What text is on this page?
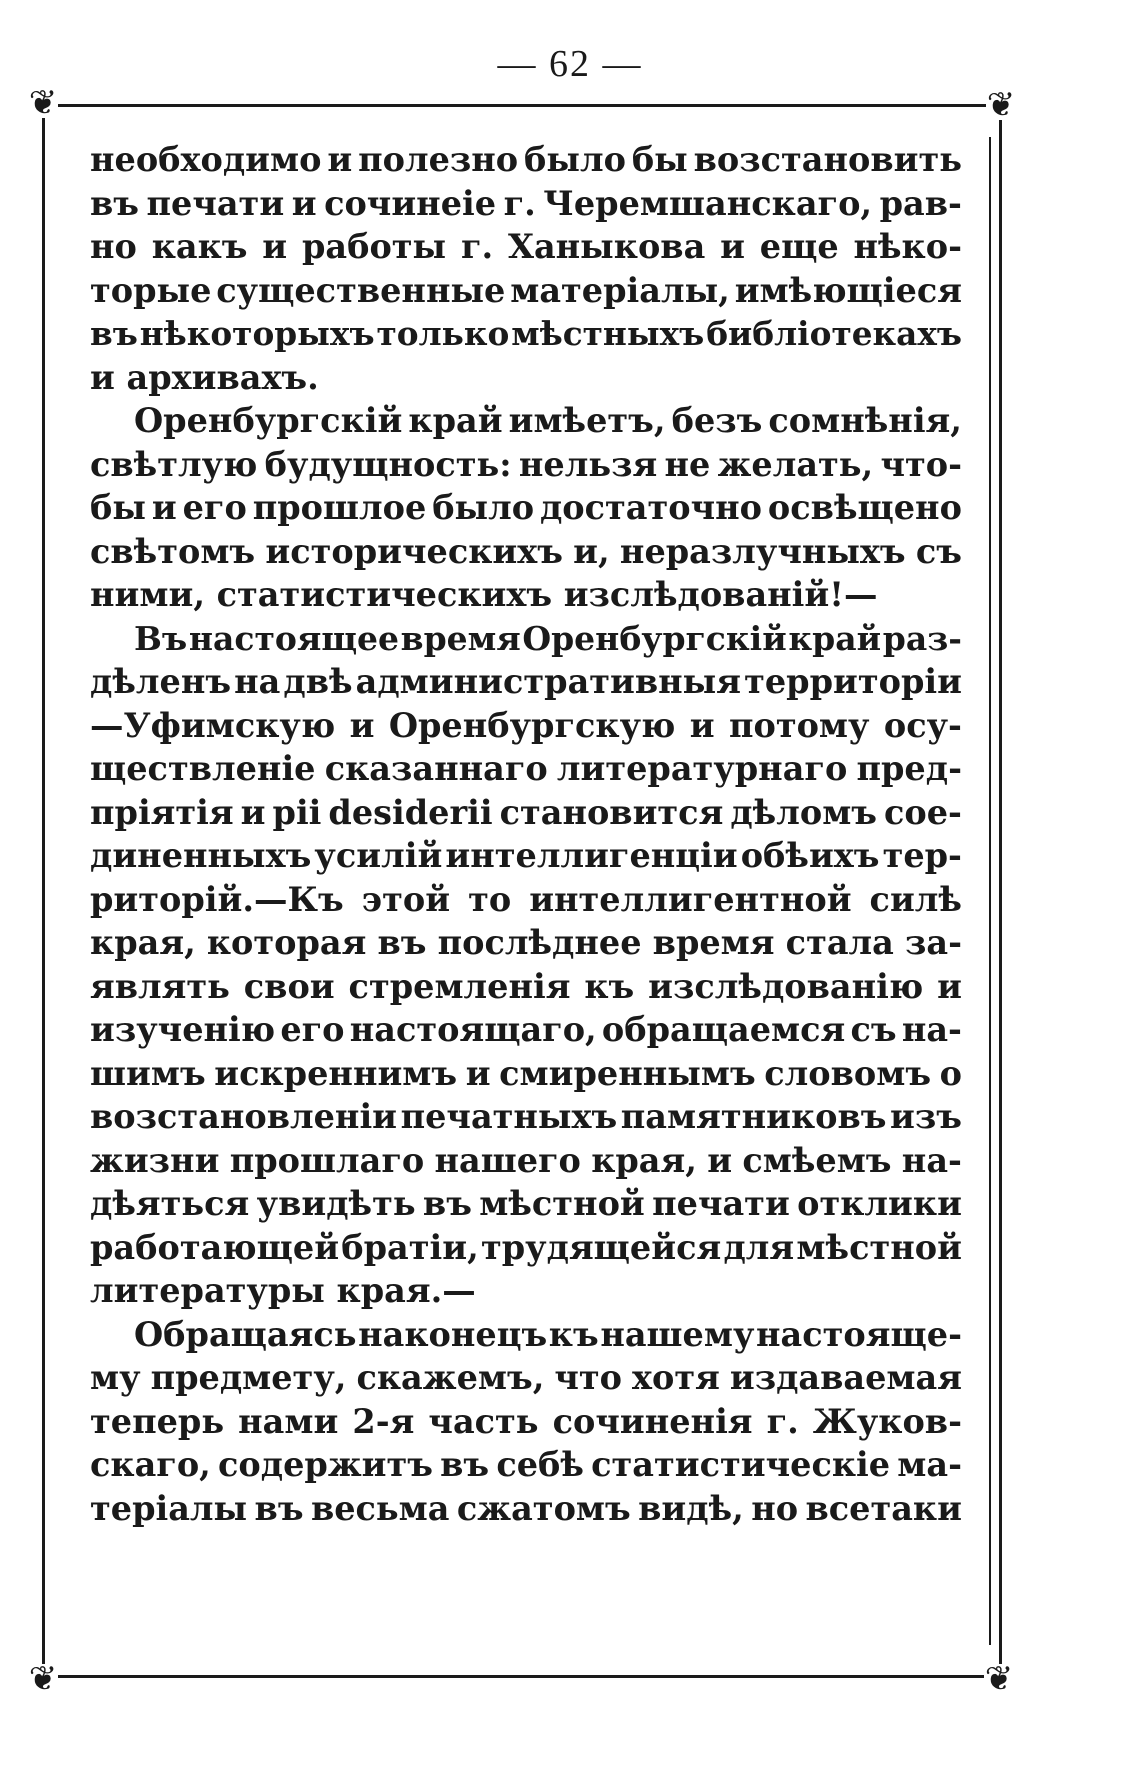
— 62 —
❦	❦
❦	❦
необходимо и полезно было бы возстановить
въ печати и сочинеіе г. Черемшанскаго, рав-
но какъ и работы г. Ханыкова и еще нѣко-
торые существенные матеріалы, имѣющіеся
въ нѣкоторыхъ только мѣстныхъ библіотекахъ
и архивахъ.
Оренбургскій край имѣетъ, безъ сомнѣнія,
свѣтлую будущность: нельзя не желать, что-
бы и его прошлое было достаточно освѣщено
свѣтомъ историческихъ и, неразлучныхъ съ
ними, статистическихъ изслѣдованій!—
Въ настоящее время Оренбургскій край раз-
дѣленъ на двѣ административныя территоріи
—Уфимскую и Оренбургскую и потому осу-
ществленіе сказаннаго литературнаго пред-
пріятія и pii desiderii становится дѣломъ сое-
диненныхъ усилій интеллигенціи обѣихъ тер-
риторій.—Къ этой то интеллигентной силѣ
края, которая въ послѣднее время стала за-
являть свои стремленія къ изслѣдованію и
изученію его настоящаго, обращаемся съ на-
шимъ искреннимъ и смиреннымъ словомъ о
возстановленіи печатныхъ памятниковъ изъ
жизни прошлаго нашего края, и смѣемъ на-
дѣяться увидѣть въ мѣстной печати отклики
работающей братіи, трудящейся для мѣстной
литературы края.—
Обращаясь наконецъ къ нашему настояще-
му предмету, скажемъ, что хотя издаваемая
теперь нами 2-я часть сочиненія г. Жуков-
скаго, содержитъ въ себѣ статистическіе ма-
теріалы въ весьма сжатомъ видѣ, но всетаки
